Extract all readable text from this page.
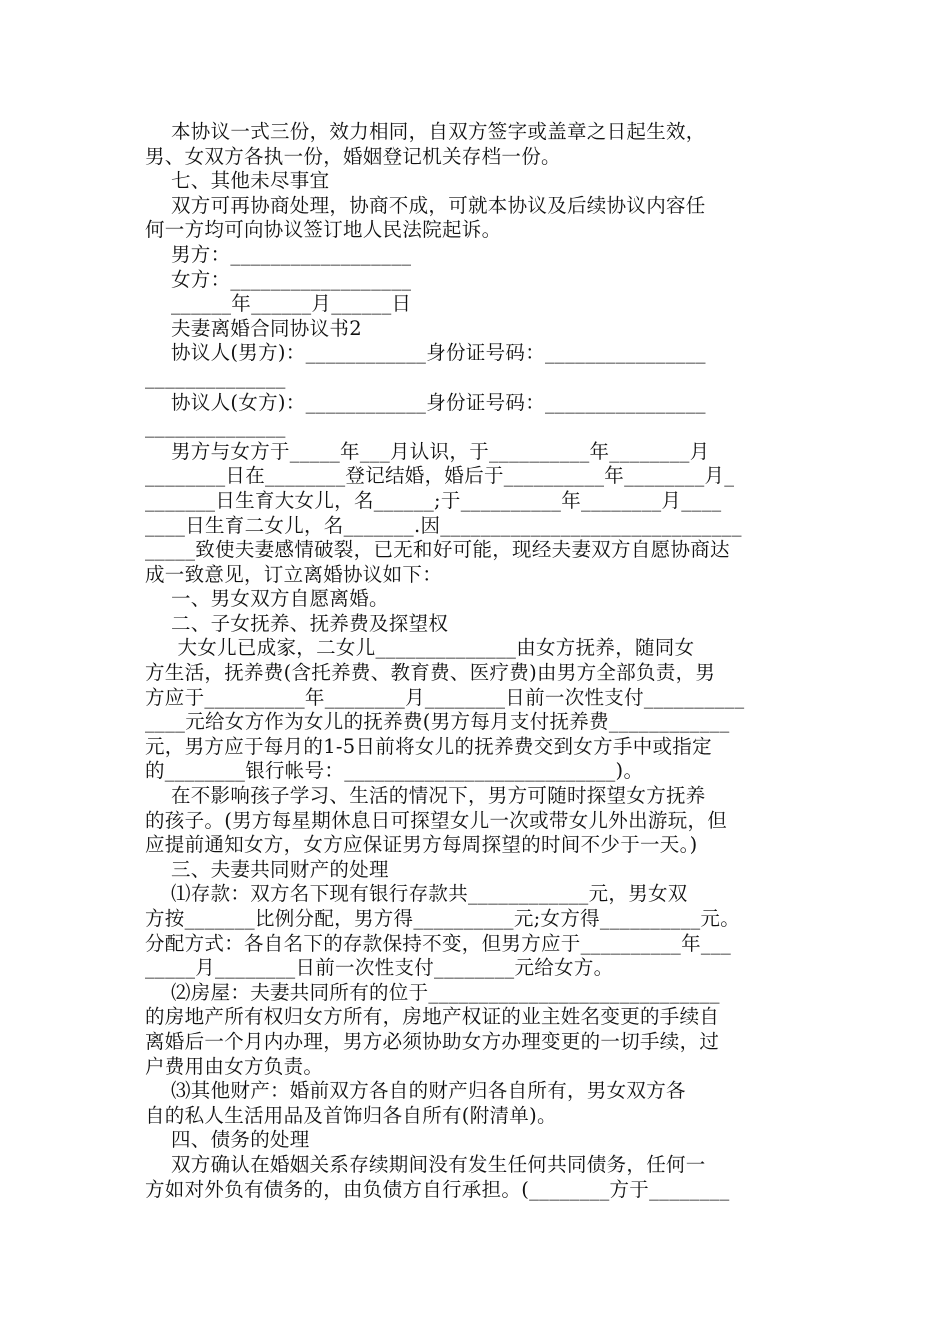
本协议一式三份，效力相同，自双方签字或盖章之日起生效，
男、女双方各执一份，婚姻登记机关存档一份。
七、其他未尽事宜
双方可再协商处理，协商不成，可就本协议及后续协议内容任
何一方均可向协议签订地人民法院起诉。
男方：__________________
女方：__________________
______年______月______日
夫妻离婚合同协议书2
协议人(男方)：____________身份证号码：________________
______________
协议人(女方)：____________身份证号码：________________
______________
男方与女方于_____年___月认识，于__________年________月
________日在________登记结婚，婚后于__________年________月_
_______日生育大女儿，名______;于__________年________月____
____日生育二女儿，名_______.因______________________________
_____致使夫妻感情破裂，已无和好可能，现经夫妻双方自愿协商达
成一致意见，订立离婚协议如下：
一、男女双方自愿离婚。
二、子女抚养、抚养费及探望权
大女儿已成家，二女儿______________由女方抚养，随同女
方生活，抚养费(含托养费、教育费、医疗费)由男方全部负责，男
方应于__________年________月________日前一次性支付__________
____元给女方作为女儿的抚养费(男方每月支付抚养费____________
元，男方应于每月的1-5日前将女儿的抚养费交到女方手中或指定
的________银行帐号：___________________________)。
在不影响孩子学习、生活的情况下，男方可随时探望女方抚养
的孩子。(男方每星期休息日可探望女儿一次或带女儿外出游玩，但
应提前通知女方，女方应保证男方每周探望的时间不少于一天。)
三、夫妻共同财产的处理
⑴存款：双方名下现有银行存款共____________元，男女双
方按_______比例分配，男方得__________元;女方得__________元。
分配方式：各自名下的存款保持不变，但男方应于__________年___
_____月________日前一次性支付________元给女方。
⑵房屋：夫妻共同所有的位于_____________________________
的房地产所有权归女方所有，房地产权证的业主姓名变更的手续自
离婚后一个月内办理，男方必须协助女方办理变更的一切手续，过
户费用由女方负责。
⑶其他财产：婚前双方各自的财产归各自所有，男女双方各
自的私人生活用品及首饰归各自所有(附清单)。
四、债务的处理
双方确认在婚姻关系存续期间没有发生任何共同债务，任何一
方如对外负有债务的，由负债方自行承担。(________方于________
